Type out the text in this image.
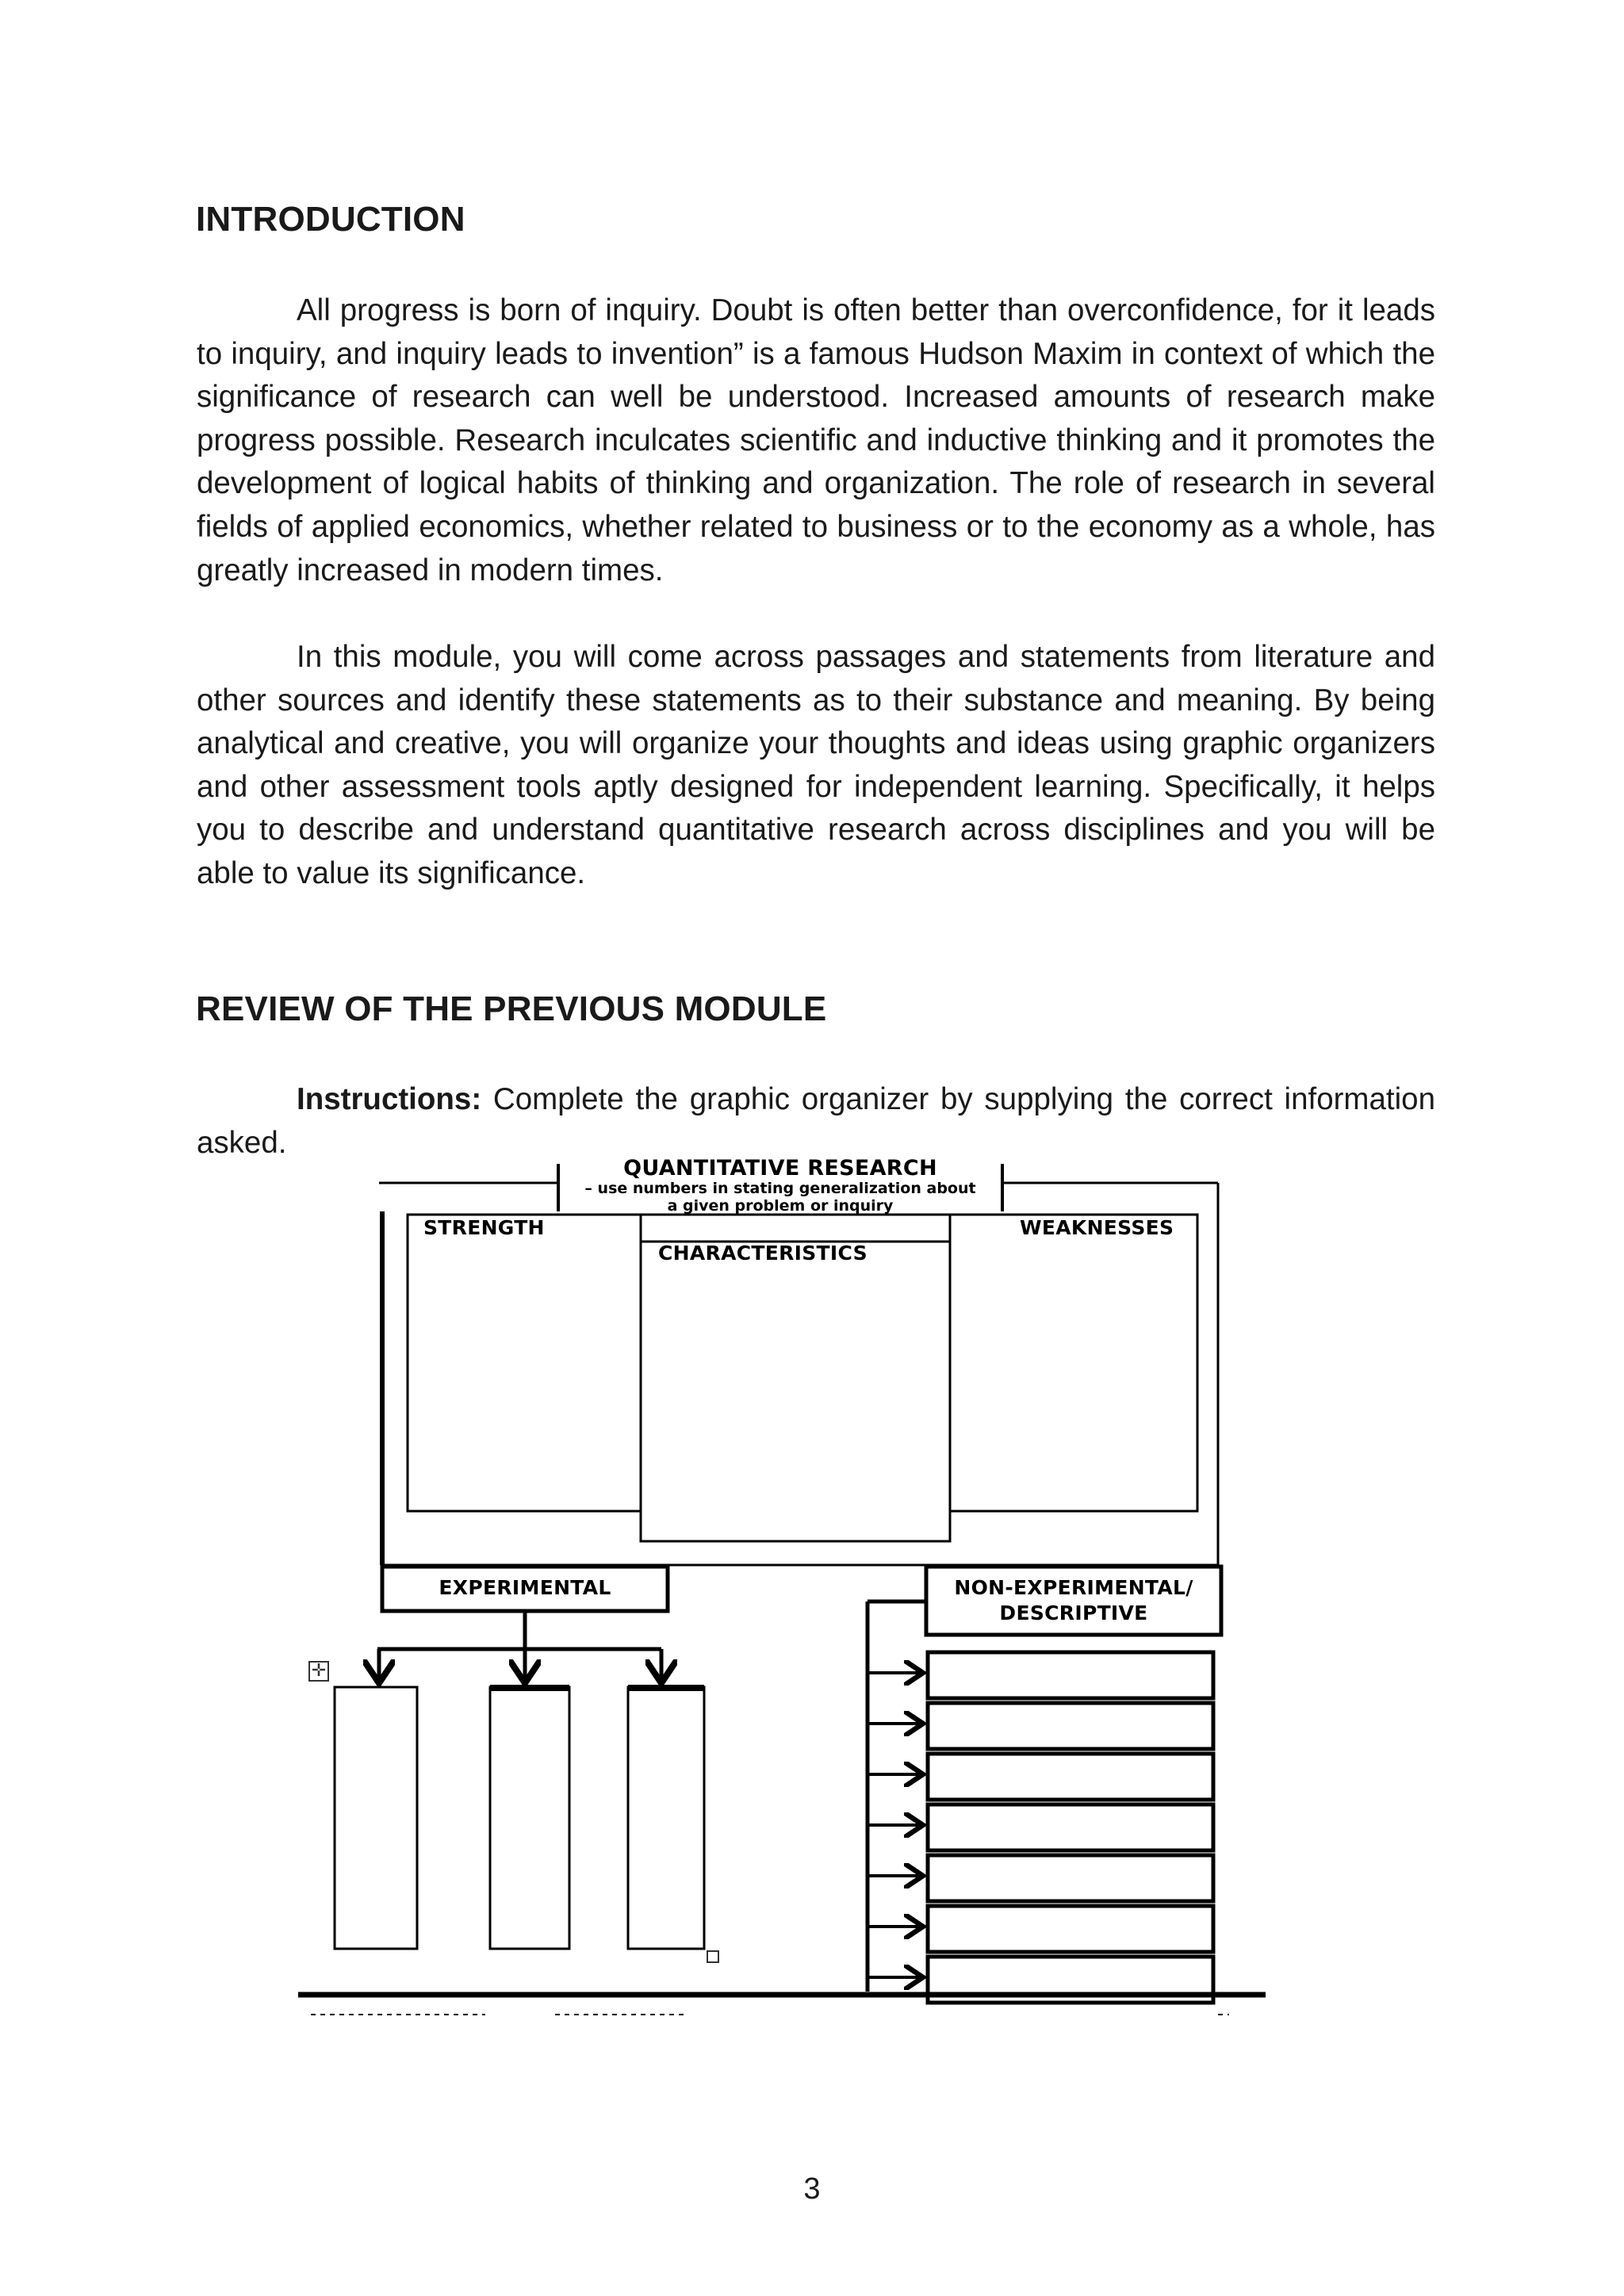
INTRODUCTION

All progress is born of inquiry. Doubt is often better than overconfidence, for it leads to inquiry, and inquiry leads to invention” is a famous Hudson Maxim in context of which the significance of research can well be understood. Increased amounts of research make progress possible. Research inculcates scientific and inductive thinking and it promotes the development of logical habits of thinking and organization. The role of research in several fields of applied economics, whether related to business or to the economy as a whole, has greatly increased in modern times.

In this module, you will come across passages and statements from literature and other sources and identify these statements as to their substance and meaning. By being analytical and creative, you will organize your thoughts and ideas using graphic organizers and other assessment tools aptly designed for independent learning. Specifically, it helps you to describe and understand quantitative research across disciplines and you will be able to value its significance.

REVIEW OF THE PREVIOUS MODULE

Instructions: Complete the graphic organizer by supplying the correct information asked.

QUANTITATIVE RESEARCH
– use numbers in stating generalization about
a given problem or inquiry
STRENGTH
CHARACTERISTICS
WEAKNESSES
EXPERIMENTAL	NON-EXPERIMENTAL/
DESCRIPTIVE
✛
3
